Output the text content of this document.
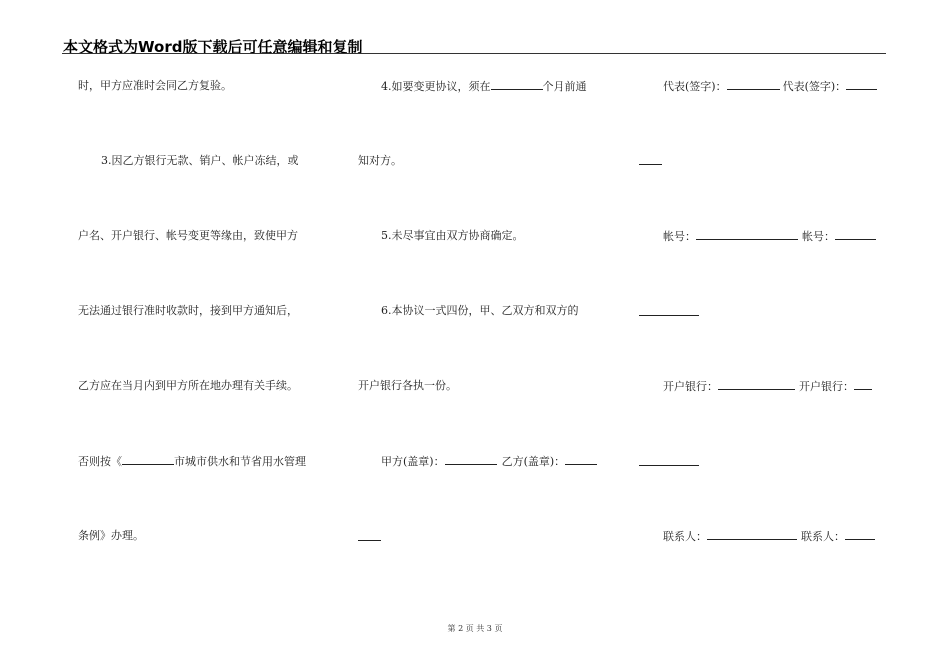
本文格式为Word版下载后可任意编辑和复制
时，甲方应准时会同乙方复验。
3.因乙方银行无款、销户、帐户冻结，或
户名、开户银行、帐号变更等缘由，致使甲方
无法通过银行准时收款时，接到甲方通知后，
乙方应在当月内到甲方所在地办理有关手续。
否则按《	市城市供水和节省用水管理
条例》办理。
4.如要变更协议，须在	个月前通
知对方。
5.未尽事宜由双方协商确定。
6.本协议一式四份，甲、乙双方和双方的
开户银行各执一份。
甲方(盖章)：	乙方(盖章)：
代表(签字)：	代表(签字)：
帐号：	帐号：
开户银行：	开户银行：
联系人：	联系人：
第 2 页 共 3 页
